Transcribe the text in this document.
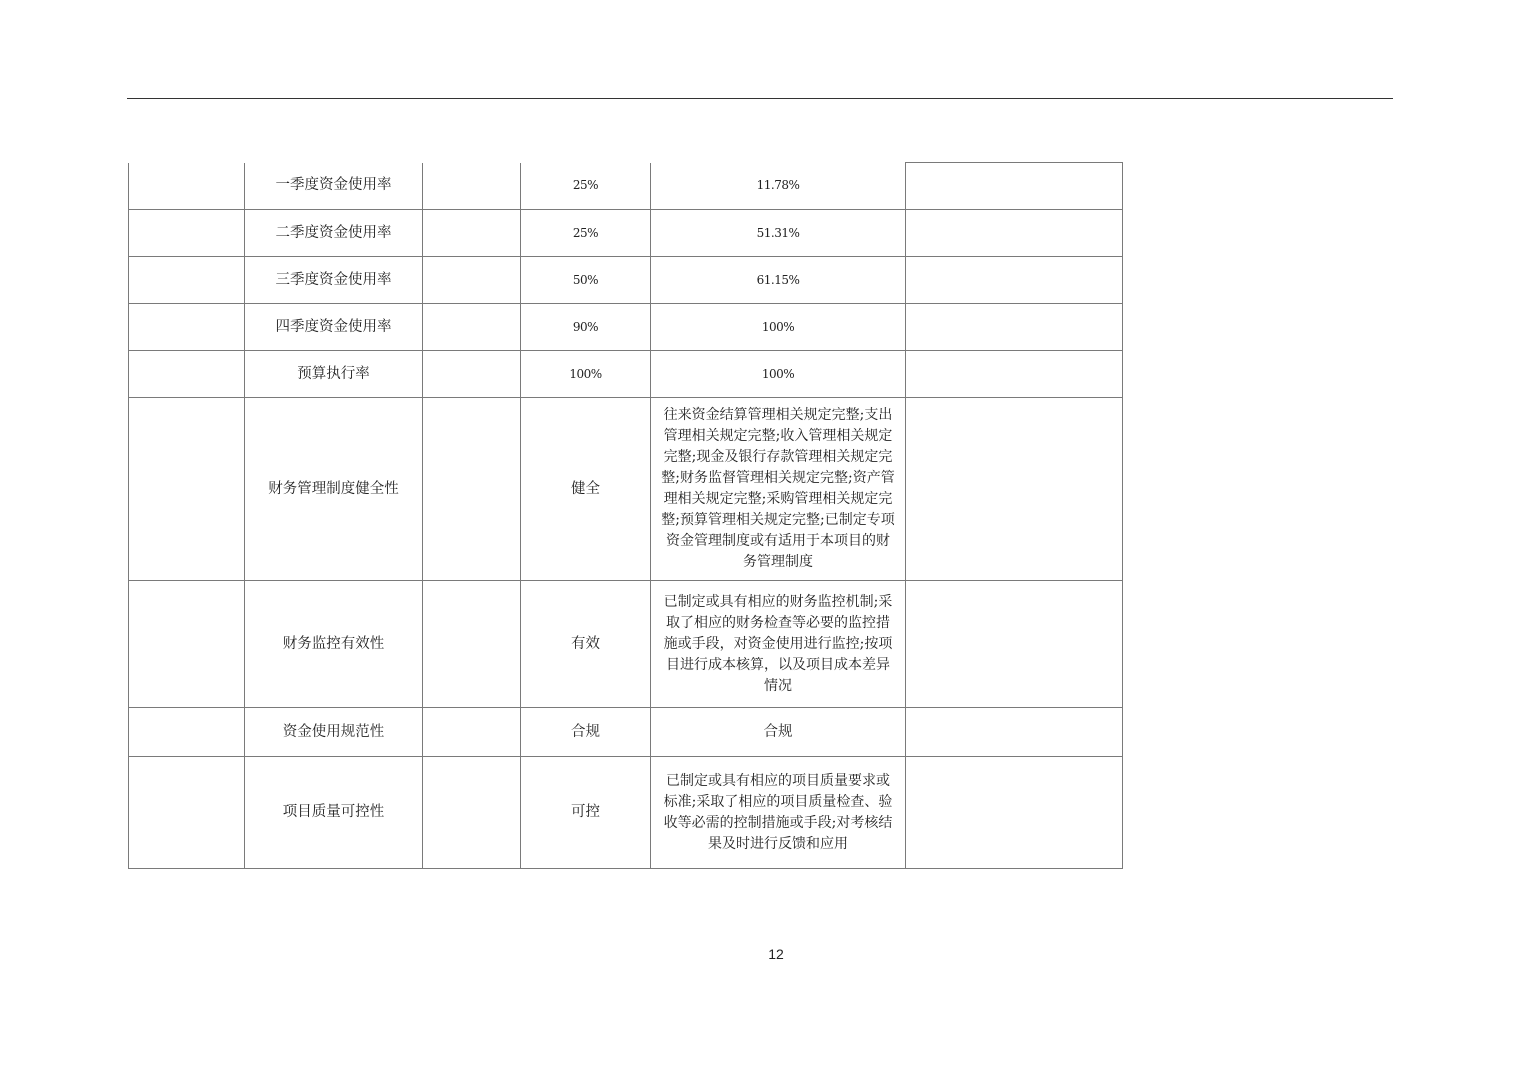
	一季度资金使用率		25%	11.78%	
	二季度资金使用率		25%	51.31%	
	三季度资金使用率		50%	61.15%	
	四季度资金使用率		90%	100%	
	预算执行率		100%	100%	
	财务管理制度健全性		健全	往来资金结算管理相关规定完整;支出管理相关规定完整;收入管理相关规定完整;现金及银行存款管理相关规定完整;财务监督管理相关规定完整;资产管理相关规定完整;采购管理相关规定完整;预算管理相关规定完整;已制定专项资金管理制度或有适用于本项目的财务管理制度	
	财务监控有效性		有效	已制定或具有相应的财务监控机制;采取了相应的财务检查等必要的监控措施或手段，对资金使用进行监控;按项目进行成本核算，以及项目成本差异情况	
	资金使用规范性		合规	合规	
	项目质量可控性		可控	已制定或具有相应的项目质量要求或标准;采取了相应的项目质量检查、验收等必需的控制措施或手段;对考核结果及时进行反馈和应用	
12
